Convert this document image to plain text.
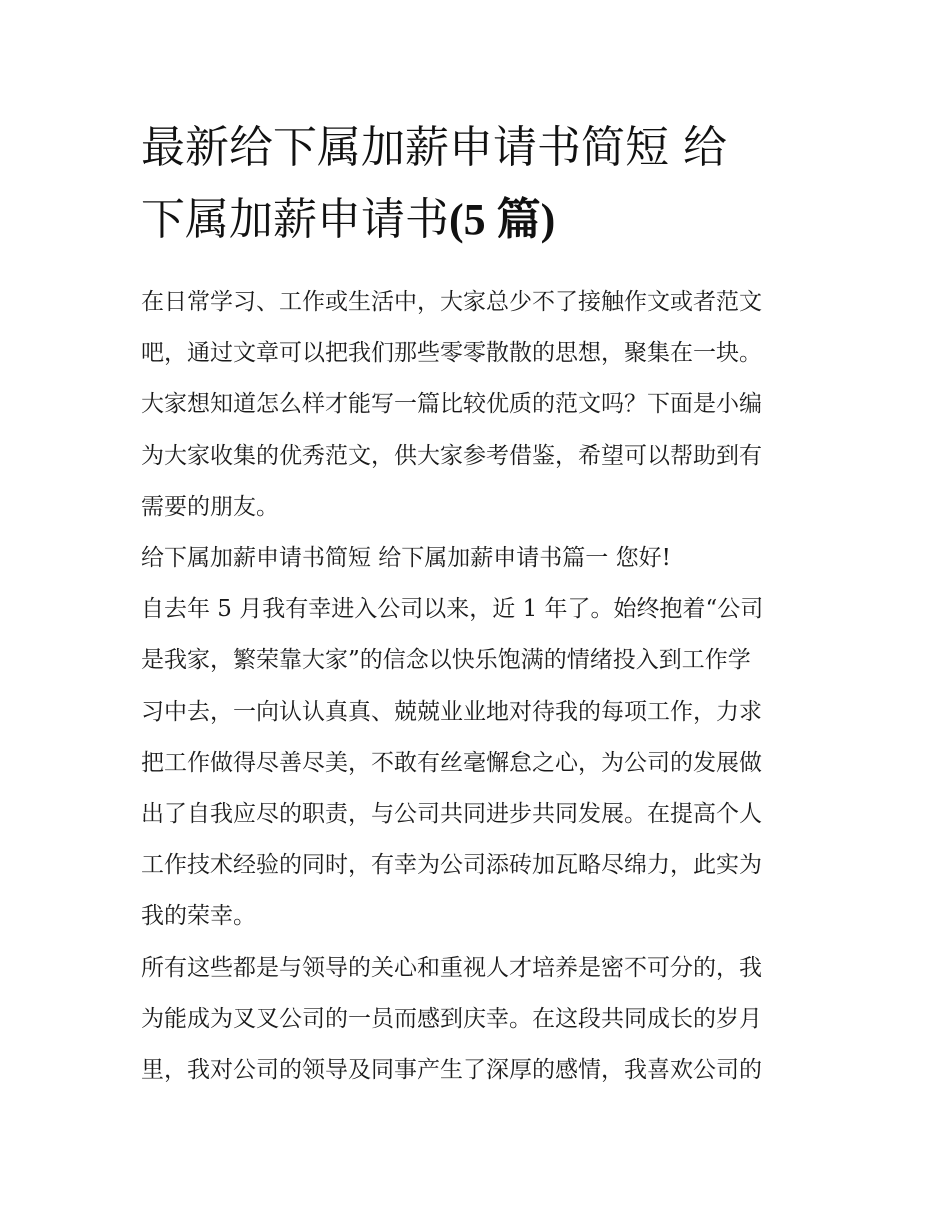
最新给下属加薪申请书简短 给
下属加薪申请书(5 篇)

在日常学习、工作或生活中，大家总少不了接触作文或者范文
吧，通过文章可以把我们那些零零散散的思想，聚集在一块。
大家想知道怎么样才能写一篇比较优质的范文吗？下面是小编
为大家收集的优秀范文，供大家参考借鉴，希望可以帮助到有
需要的朋友。

给下属加薪申请书简短 给下属加薪申请书篇一 您好!

自去年 5 月我有幸进入公司以来，近 1 年了。始终抱着“公司
是我家，繁荣靠大家”的信念以快乐饱满的情绪投入到工作学
习中去，一向认认真真、兢兢业业地对待我的每项工作，力求
把工作做得尽善尽美，不敢有丝毫懈怠之心，为公司的发展做
出了自我应尽的职责，与公司共同进步共同发展。在提高个人
工作技术经验的同时，有幸为公司添砖加瓦略尽绵力，此实为
我的荣幸。

所有这些都是与领导的关心和重视人才培养是密不可分的，我
为能成为叉叉公司的一员而感到庆幸。在这段共同成长的岁月
里，我对公司的领导及同事产生了深厚的感情，我喜欢公司的
